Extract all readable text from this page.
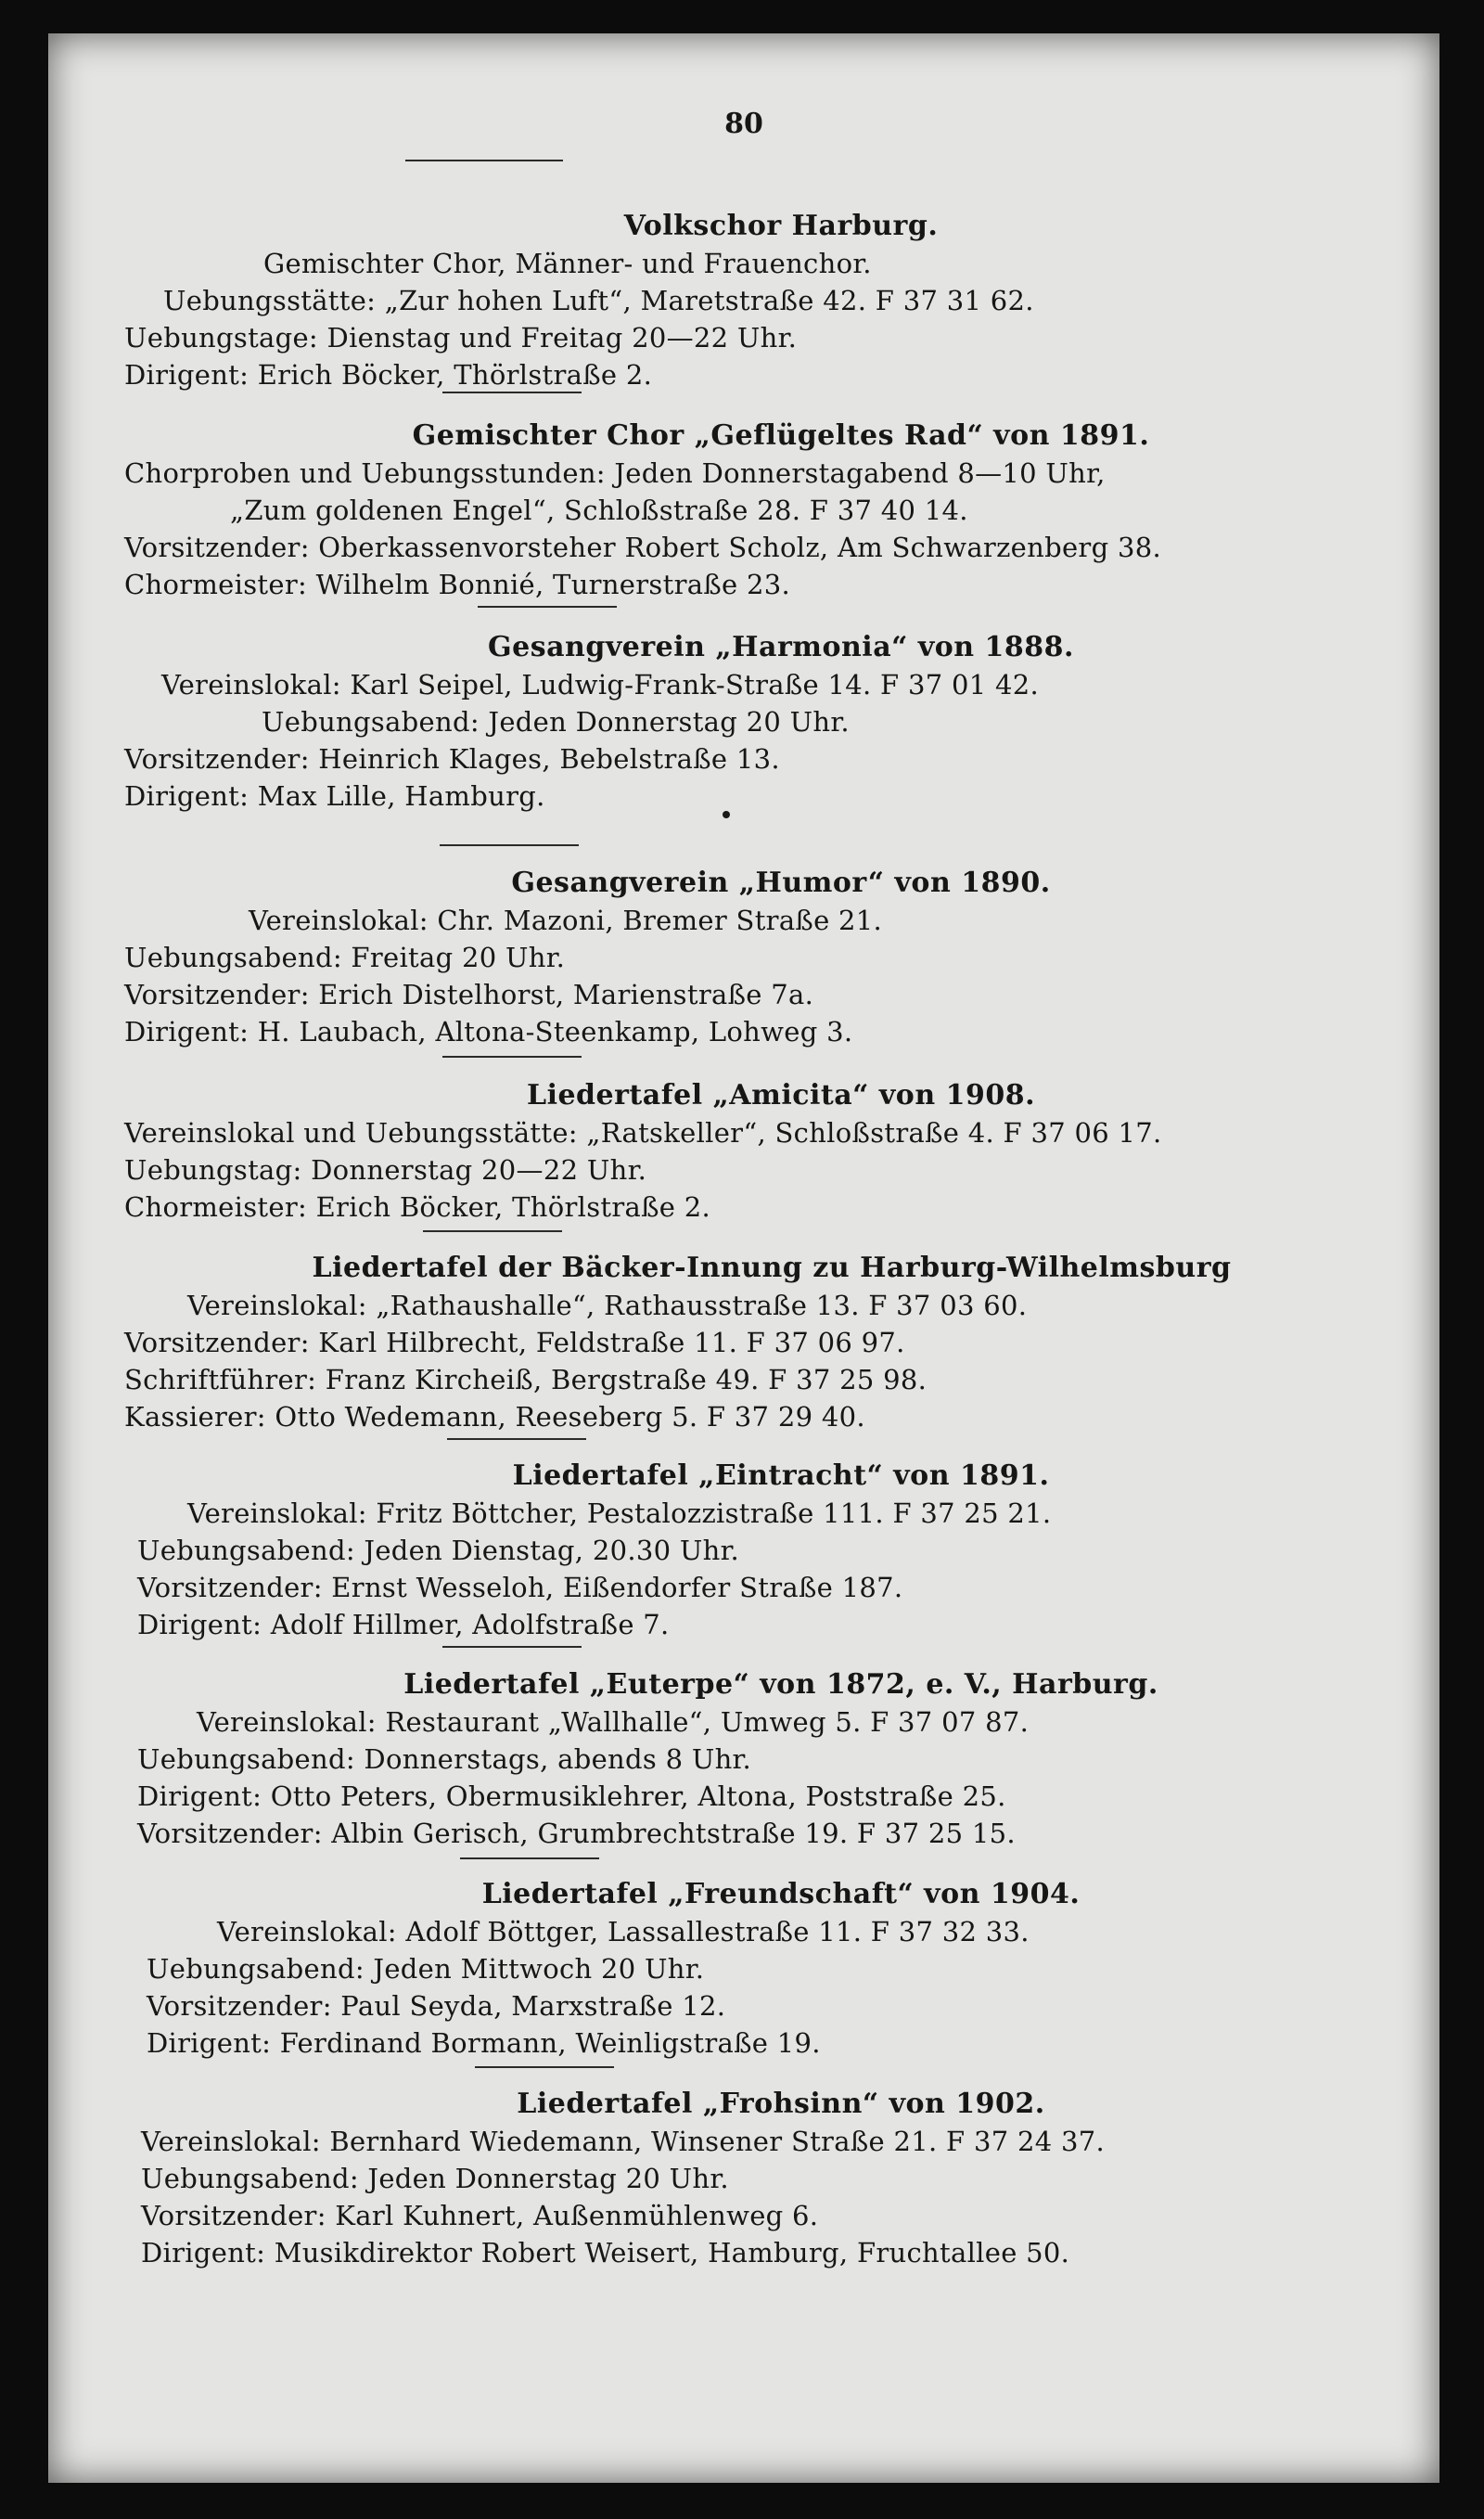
80
Volkschor Harburg.
Gemischter Chor, Männer- und Frauenchor.
Uebungsstätte: „Zur hohen Luft“, Maretstraße 42. F 37 31 62.
Uebungstage: Dienstag und Freitag 20—22 Uhr.
Dirigent: Erich Böcker, Thörlstraße 2.
Gemischter Chor „Geflügeltes Rad“ von 1891.
Chorproben und Uebungsstunden: Jeden Donnerstagabend 8—10 Uhr,
„Zum goldenen Engel“, Schloßstraße 28. F 37 40 14.
Vorsitzender: Oberkassenvorsteher Robert Scholz, Am Schwarzenberg 38.
Chormeister: Wilhelm Bonnié, Turnerstraße 23.
Gesangverein „Harmonia“ von 1888.
Vereinslokal: Karl Seipel, Ludwig-Frank-Straße 14. F 37 01 42.
Uebungsabend: Jeden Donnerstag 20 Uhr.
Vorsitzender: Heinrich Klages, Bebelstraße 13.
Dirigent: Max Lille, Hamburg.
Gesangverein „Humor“ von 1890.
Vereinslokal: Chr. Mazoni, Bremer Straße 21.
Uebungsabend: Freitag 20 Uhr.
Vorsitzender: Erich Distelhorst, Marienstraße 7a.
Dirigent: H. Laubach, Altona-Steenkamp, Lohweg 3.
Liedertafel „Amicita“ von 1908.
Vereinslokal und Uebungsstätte: „Ratskeller“, Schloßstraße 4. F 37 06 17.
Uebungstag: Donnerstag 20—22 Uhr.
Chormeister: Erich Böcker, Thörlstraße 2.
Liedertafel der Bäcker-Innung zu Harburg-Wilhelmsburg
Vereinslokal: „Rathaushalle“, Rathausstraße 13. F 37 03 60.
Vorsitzender: Karl Hilbrecht, Feldstraße 11. F 37 06 97.
Schriftführer: Franz Kircheiß, Bergstraße 49. F 37 25 98.
Kassierer: Otto Wedemann, Reeseberg 5. F 37 29 40.
Liedertafel „Eintracht“ von 1891.
Vereinslokal: Fritz Böttcher, Pestalozzistraße 111. F 37 25 21.
Uebungsabend: Jeden Dienstag, 20.30 Uhr.
Vorsitzender: Ernst Wesseloh, Eißendorfer Straße 187.
Dirigent: Adolf Hillmer, Adolfstraße 7.
Liedertafel „Euterpe“ von 1872, e. V., Harburg.
Vereinslokal: Restaurant „Wallhalle“, Umweg 5. F 37 07 87.
Uebungsabend: Donnerstags, abends 8 Uhr.
Dirigent: Otto Peters, Obermusiklehrer, Altona, Poststraße 25.
Vorsitzender: Albin Gerisch, Grumbrechtstraße 19. F 37 25 15.
Liedertafel „Freundschaft“ von 1904.
Vereinslokal: Adolf Böttger, Lassallestraße 11. F 37 32 33.
Uebungsabend: Jeden Mittwoch 20 Uhr.
Vorsitzender: Paul Seyda, Marxstraße 12.
Dirigent: Ferdinand Bormann, Weinligstraße 19.
Liedertafel „Frohsinn“ von 1902.
Vereinslokal: Bernhard Wiedemann, Winsener Straße 21. F 37 24 37.
Uebungsabend: Jeden Donnerstag 20 Uhr.
Vorsitzender: Karl Kuhnert, Außenmühlenweg 6.
Dirigent: Musikdirektor Robert Weisert, Hamburg, Fruchtallee 50.
